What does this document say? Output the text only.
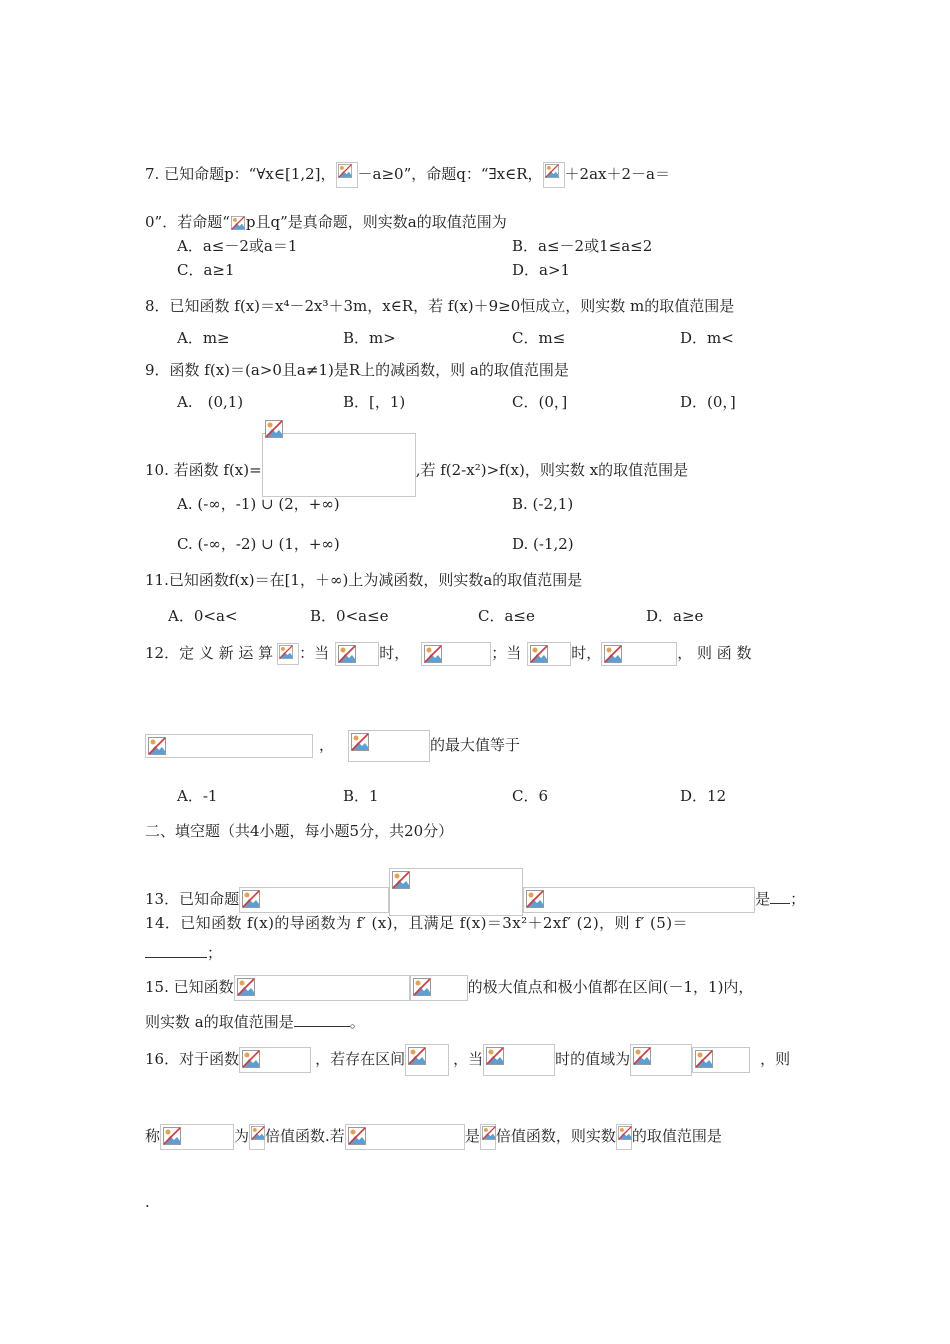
7. 已知命题p：“∀x∈[1,2]， －a≥0”，命题q：“∃x∈R， ＋2ax＋2－a＝
0”．若命题“ p且q”是真命题，则实数a的取值范围为
A．a≤－2或a＝1	B．a≤－2或1≤a≤2
C．a≥1	D．a>1
8．已知函数 f(x)＝x⁴－2x³＋3m，x∈R，若 f(x)＋9≥0恒成立，则实数 m的取值范围是
A．m≥	B．m>	C．m≤	D．m<
9．函数 f(x)＝(a>0且a≠1)是R上的减函数，则 a的取值范围是
A.　(0,1)	B．[，1)	C．(0，]	D．(0，]
10. 若函数 f(x)=	,若 f(2-x²)>f(x)，则实数 x的取值范围是
A. (-∞，-1) ∪ (2，+∞)	B. (-2,1)
C. (-∞，-2) ∪ (1，+∞)	D. (-1,2)
11.已知函数f(x)＝在[1，＋∞)上为减函数，则实数a的取值范围是
A．0<a<	B．0<a≤e	C．a≤e	D．a≥e
12．定 义 新 运 算 ：当	时，	；当	时，	， 则 函 数
，	的最大值等于
A．-1	B．1	C．6	D．12
二、填空题（共4小题，每小题5分，共20分）
13．已知命题	是 ；
14．已知函数 f(x)的导函数为 f′ (x)，且满足 f(x)＝3x²＋2xf′ (2)，则 f′ (5)＝
；
15. 已知函数	的极大值点和极小值都在区间(－1，1)内，
则实数 a的取值范围是	。
16．对于函数	，若存在区间	，当	时的值域为	，则
称	为 倍值函数.若	是 倍值函数，则实数 的取值范围是
.
